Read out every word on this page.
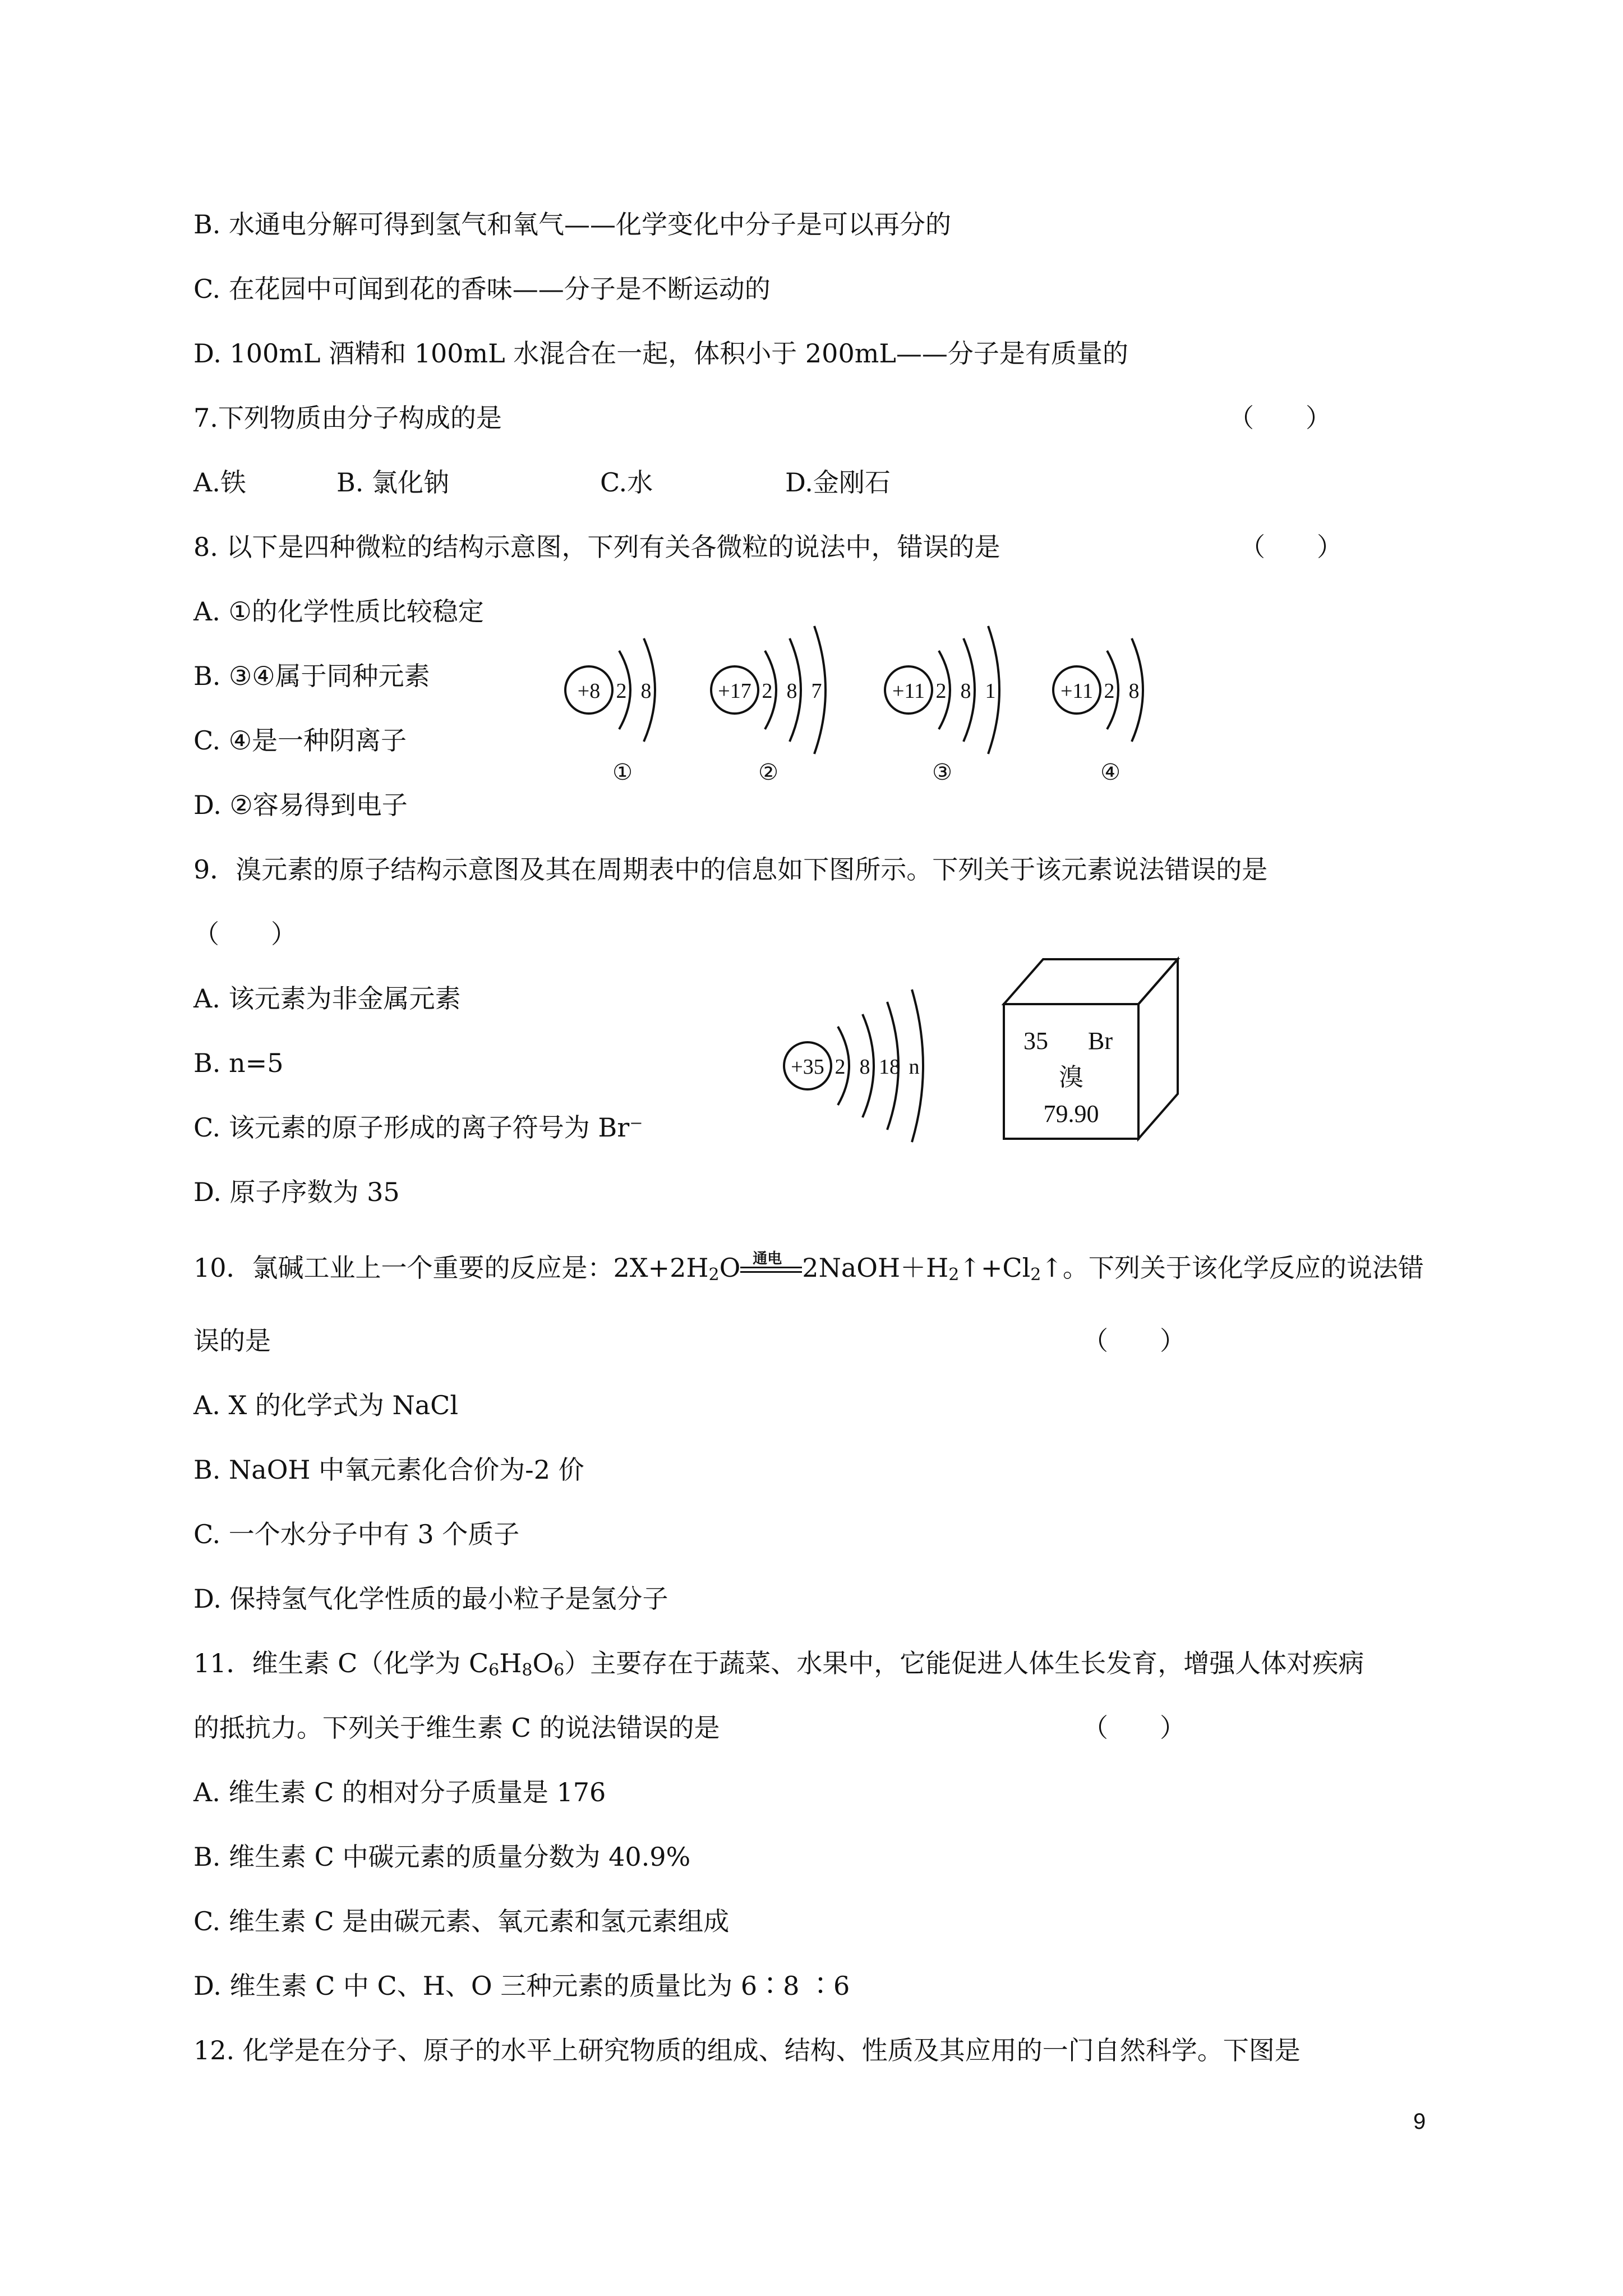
B. 水通电分解可得到氢气和氧气——化学变化中分子是可以再分的
C. 在花园中可闻到花的香味——分子是不断运动的
D. 100mL 酒精和 100mL 水混合在一起，体积小于 200mL——分子是有质量的
7.下列物质由分子构成的是	（　　）
A.铁	B. 氯化钠	C.水	D.金刚石
8. 以下是四种微粒的结构示意图，下列有关各微粒的说法中，错误的是	（　　）
A. ①的化学性质比较稳定
B. ③④属于同种元素
C. ④是一种阴离子
D. ②容易得到电子
+8 2 8
①
+17 2 8 7
②
+11 2 8 1
③
+11 2 8
④
9．溴元素的原子结构示意图及其在周期表中的信息如下图所示。下列关于该元素说法错误的是
（　　）
A. 该元素为非金属元素
B. n=5
C. 该元素的原子形成的离子符号为 Br⁻
D. 原子序数为 35
+35 2 8 18 n
35 Br
溴
79.90
10．氯碱工业上一个重要的反应是：$2X+2H_2O$ 通电 $2NaOH+H_2↑+Cl_2↑$。下列关于该化学反应的说法错
误的是	（　　）
A. X 的化学式为 NaCl
B. NaOH 中氧元素化合价为-2 价
C. 一个水分子中有 3 个质子
D. 保持氢气化学性质的最小粒子是氢分子
11．维生素 C（化学为 $C_6H_8O_6$）主要存在于蔬菜、水果中，它能促进人体生长发育，增强人体对疾病
的抵抗力。下列关于维生素 C 的说法错误的是	（　　）
A. 维生素 C 的相对分子质量是 176
B. 维生素 C 中碳元素的质量分数为 40.9%
C. 维生素 C 是由碳元素、氧元素和氢元素组成
D. 维生素 C 中 C、H、O 三种元素的质量比为 6∶8 ∶6
12. 化学是在分子、原子的水平上研究物质的组成、结构、性质及其应用的一门自然科学。下图是
9
